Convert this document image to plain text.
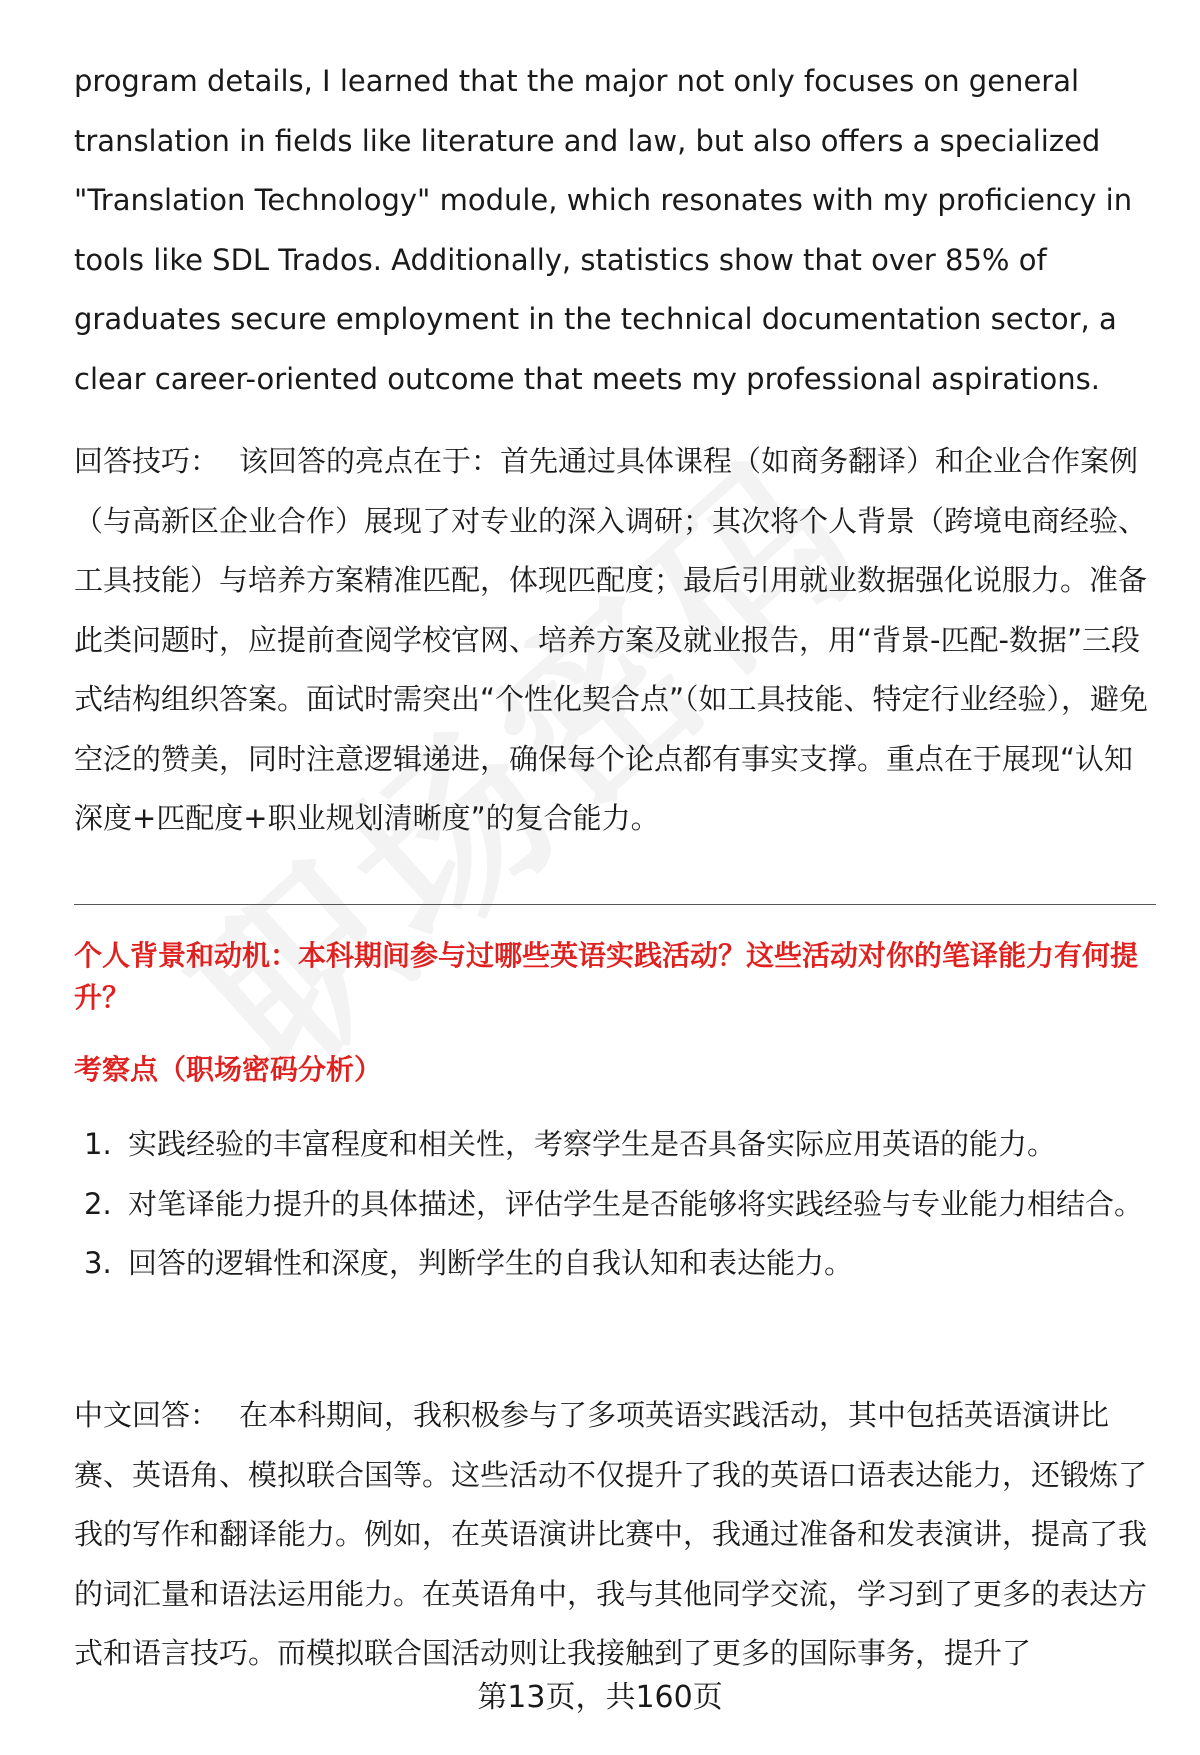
program details, I learned that the major not only focuses on general translation in fields like literature and law, but also offers a specialized "Translation Technology" module, which resonates with my proficiency in tools like SDL Trados. Additionally, statistics show that over 85% of graduates secure employment in the technical documentation sector, a clear career-oriented outcome that meets my professional aspirations.

回答技巧： 该回答的亮点在于：首先通过具体课程（如商务翻译）和企业合作案例（与高新区企业合作）展现了对专业的深入调研；其次将个人背景（跨境电商经验、工具技能）与培养方案精准匹配，体现匹配度；最后引用就业数据强化说服力。准备此类问题时，应提前查阅学校官网、培养方案及就业报告，用“背景-匹配-数据”三段式结构组织答案。面试时需突出“个性化契合点”（如工具技能、特定行业经验），避免空泛的赞美，同时注意逻辑递进，确保每个论点都有事实支撑。重点在于展现“认知深度+匹配度+职业规划清晰度”的复合能力。

个人背景和动机：本科期间参与过哪些英语实践活动？这些活动对你的笔译能力有何提升？
考察点（职场密码分析）
1. 实践经验的丰富程度和相关性，考察学生是否具备实际应用英语的能力。
2. 对笔译能力提升的具体描述，评估学生是否能够将实践经验与专业能力相结合。
3. 回答的逻辑性和深度，判断学生的自我认知和表达能力。

中文回答： 在本科期间，我积极参与了多项英语实践活动，其中包括英语演讲比赛、英语角、模拟联合国等。这些活动不仅提升了我的英语口语表达能力，还锻炼了我的写作和翻译能力。例如，在英语演讲比赛中，我通过准备和发表演讲，提高了我的词汇量和语法运用能力。在英语角中，我与其他同学交流，学习到了更多的表达方式和语言技巧。而模拟联合国活动则让我接触到了更多的国际事务，提升了

第13页，共160页
